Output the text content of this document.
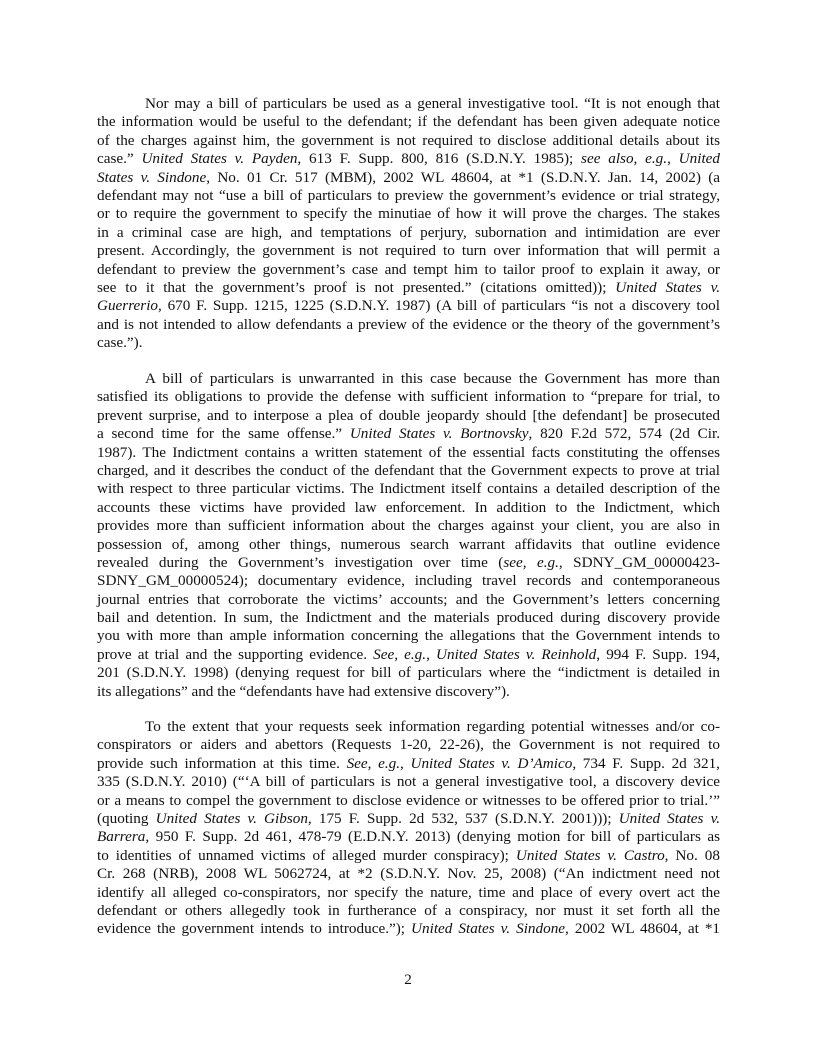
Nor may a bill of particulars be used as a general investigative tool. “It is not enough that
the information would be useful to the defendant; if the defendant has been given adequate notice
of the charges against him, the government is not required to disclose additional details about its
case.” United States v. Payden, 613 F. Supp. 800, 816 (S.D.N.Y. 1985); see also, e.g., United
States v. Sindone, No. 01 Cr. 517 (MBM), 2002 WL 48604, at *1 (S.D.N.Y. Jan. 14, 2002) (a
defendant may not “use a bill of particulars to preview the government’s evidence or trial strategy,
or to require the government to specify the minutiae of how it will prove the charges. The stakes
in a criminal case are high, and temptations of perjury, subornation and intimidation are ever
present. Accordingly, the government is not required to turn over information that will permit a
defendant to preview the government’s case and tempt him to tailor proof to explain it away, or
see to it that the government’s proof is not presented.” (citations omitted)); United States v.
Guerrerio, 670 F. Supp. 1215, 1225 (S.D.N.Y. 1987) (A bill of particulars “is not a discovery tool
and is not intended to allow defendants a preview of the evidence or the theory of the government’s
case.”).
A bill of particulars is unwarranted in this case because the Government has more than
satisfied its obligations to provide the defense with sufficient information to “prepare for trial, to
prevent surprise, and to interpose a plea of double jeopardy should [the defendant] be prosecuted
a second time for the same offense.” United States v. Bortnovsky, 820 F.2d 572, 574 (2d Cir.
1987). The Indictment contains a written statement of the essential facts constituting the offenses
charged, and it describes the conduct of the defendant that the Government expects to prove at trial
with respect to three particular victims. The Indictment itself contains a detailed description of the
accounts these victims have provided law enforcement. In addition to the Indictment, which
provides more than sufficient information about the charges against your client, you are also in
possession of, among other things, numerous search warrant affidavits that outline evidence
revealed during the Government’s investigation over time (see, e.g., SDNY_GM_00000423-
SDNY_GM_00000524); documentary evidence, including travel records and contemporaneous
journal entries that corroborate the victims’ accounts; and the Government’s letters concerning
bail and detention. In sum, the Indictment and the materials produced during discovery provide
you with more than ample information concerning the allegations that the Government intends to
prove at trial and the supporting evidence. See, e.g., United States v. Reinhold, 994 F. Supp. 194,
201 (S.D.N.Y. 1998) (denying request for bill of particulars where the “indictment is detailed in
its allegations” and the “defendants have had extensive discovery”).
To the extent that your requests seek information regarding potential witnesses and/or co-
conspirators or aiders and abettors (Requests 1-20, 22-26), the Government is not required to
provide such information at this time. See, e.g., United States v. D’Amico, 734 F. Supp. 2d 321,
335 (S.D.N.Y. 2010) (“‘A bill of particulars is not a general investigative tool, a discovery device
or a means to compel the government to disclose evidence or witnesses to be offered prior to trial.’”
(quoting United States v. Gibson, 175 F. Supp. 2d 532, 537 (S.D.N.Y. 2001))); United States v.
Barrera, 950 F. Supp. 2d 461, 478-79 (E.D.N.Y. 2013) (denying motion for bill of particulars as
to identities of unnamed victims of alleged murder conspiracy); United States v. Castro, No. 08
Cr. 268 (NRB), 2008 WL 5062724, at *2 (S.D.N.Y. Nov. 25, 2008) (“An indictment need not
identify all alleged co-conspirators, nor specify the nature, time and place of every overt act the
defendant or others allegedly took in furtherance of a conspiracy, nor must it set forth all the
evidence the government intends to introduce.”); United States v. Sindone, 2002 WL 48604, at *1
2
